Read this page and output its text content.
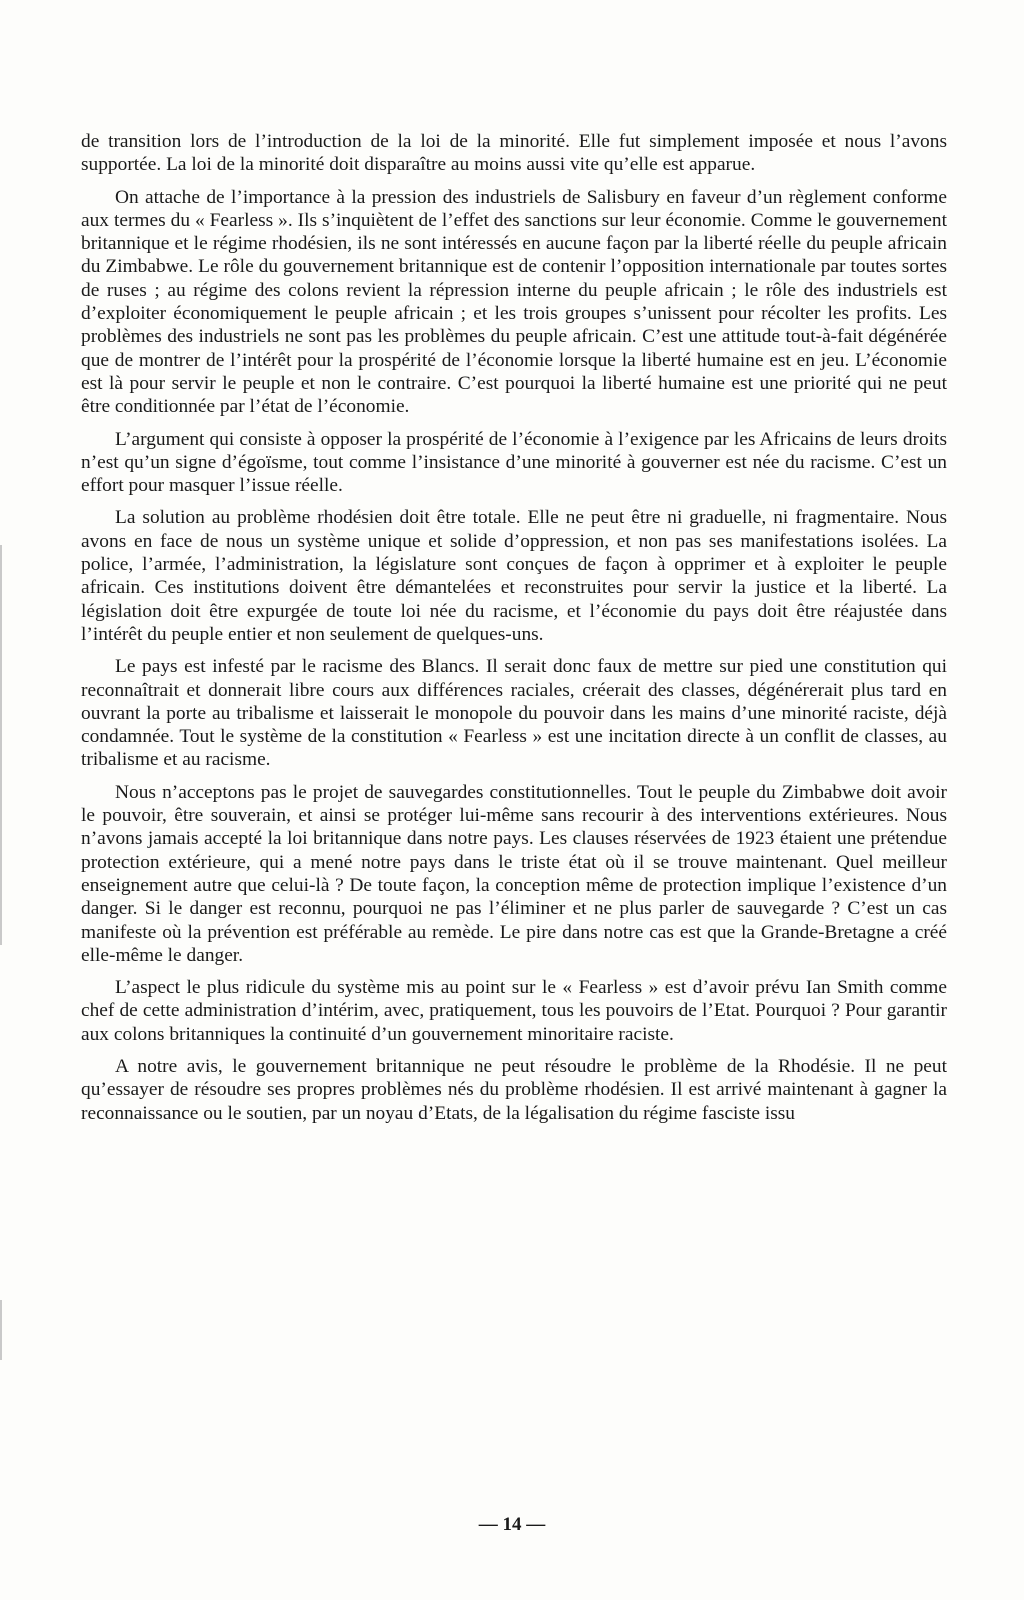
de transition lors de l’introduction de la loi de la minorité. Elle fut simplement imposée et nous l’avons supportée. La loi de la minorité doit disparaître au moins aussi vite qu’elle est apparue.

On attache de l’importance à la pression des industriels de Salisbury en faveur d’un règlement conforme aux termes du « Fearless ». Ils s’inquiètent de l’effet des sanctions sur leur économie. Comme le gouvernement britannique et le régime rhodésien, ils ne sont intéressés en aucune façon par la liberté réelle du peuple africain du Zimbabwe. Le rôle du gouvernement britannique est de contenir l’opposition internationale par toutes sortes de ruses ; au régime des colons revient la répression interne du peuple africain ; le rôle des industriels est d’exploiter économiquement le peuple africain ; et les trois groupes s’unissent pour récolter les profits. Les problèmes des industriels ne sont pas les problèmes du peuple africain. C’est une attitude tout-à-fait dégénérée que de montrer de l’intérêt pour la prospérité de l’économie lorsque la liberté humaine est en jeu. L’économie est là pour servir le peuple et non le contraire. C’est pourquoi la liberté humaine est une priorité qui ne peut être conditionnée par l’état de l’économie.

L’argument qui consiste à opposer la prospérité de l’économie à l’exigence par les Africains de leurs droits n’est qu’un signe d’égoïsme, tout comme l’insistance d’une minorité à gouverner est née du racisme. C’est un effort pour masquer l’issue réelle.

La solution au problème rhodésien doit être totale. Elle ne peut être ni graduelle, ni fragmentaire. Nous avons en face de nous un système unique et solide d’oppression, et non pas ses manifestations isolées. La police, l’armée, l’administration, la législature sont conçues de façon à opprimer et à exploiter le peuple africain. Ces institutions doivent être démantelées et reconstruites pour servir la justice et la liberté. La législation doit être expurgée de toute loi née du racisme, et l’économie du pays doit être réajustée dans l’intérêt du peuple entier et non seulement de quelques-uns.

Le pays est infesté par le racisme des Blancs. Il serait donc faux de mettre sur pied une constitution qui reconnaîtrait et donnerait libre cours aux différences raciales, créerait des classes, dégénérerait plus tard en ouvrant la porte au tribalisme et laisserait le monopole du pouvoir dans les mains d’une minorité raciste, déjà condamnée. Tout le système de la constitution « Fearless » est une incitation directe à un conflit de classes, au tribalisme et au racisme.

Nous n’acceptons pas le projet de sauvegardes constitutionnelles. Tout le peuple du Zimbabwe doit avoir le pouvoir, être souverain, et ainsi se protéger lui-même sans recourir à des interventions extérieures. Nous n’avons jamais accepté la loi britannique dans notre pays. Les clauses réservées de 1923 étaient une prétendue protection extérieure, qui a mené notre pays dans le triste état où il se trouve maintenant. Quel meilleur enseignement autre que celui-là ? De toute façon, la conception même de protection implique l’existence d’un danger. Si le danger est reconnu, pourquoi ne pas l’éliminer et ne plus parler de sauvegarde ? C’est un cas manifeste où la prévention est préférable au remède. Le pire dans notre cas est que la Grande-Bretagne a créé elle-même le danger.

L’aspect le plus ridicule du système mis au point sur le « Fearless » est d’avoir prévu Ian Smith comme chef de cette administration d’intérim, avec, pratiquement, tous les pouvoirs de l’Etat. Pourquoi ? Pour garantir aux colons britanniques la continuité d’un gouvernement minoritaire raciste.

A notre avis, le gouvernement britannique ne peut résoudre le problème de la Rhodésie. Il ne peut qu’essayer de résoudre ses propres problèmes nés du problème rhodésien. Il est arrivé maintenant à gagner la reconnaissance ou le soutien, par un noyau d’Etats, de la légalisation du régime fasciste issu

— 14 —
